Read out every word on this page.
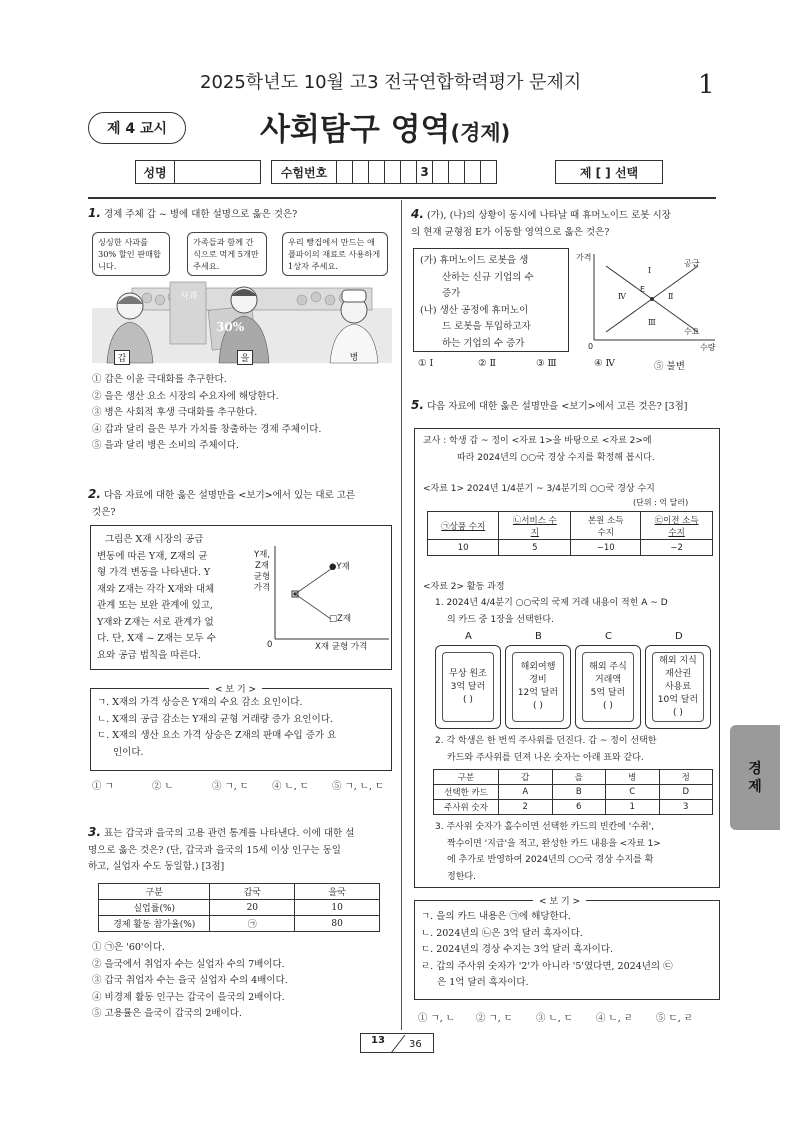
2025학년도 10월 고3 전국연합학력평가 문제지	1
제 4 교시	사회탐구 영역(경제)
성명		수험번호						3					제 [ ] 선택
1. 경제 주체 갑 ~ 병에 대한 설명으로 옳은 것은?
싱싱한 사과를 30% 할인 판매합니다.
가족들과 함께 간식으로 먹게 5개만 주세요.
우리 빵집에서 만드는 애플파이의 재료로 사용하게 1상자 주세요.
사과
30%
갑	을	병
① 갑은 이윤 극대화를 추구한다.
② 을은 생산 요소 시장의 수요자에 해당한다.
③ 병은 사회적 후생 극대화를 추구한다.
④ 갑과 달리 을은 부가 가치를 창출하는 경제 주체이다.
⑤ 을과 달리 병은 소비의 주체이다.
2. 다음 자료에 대한 옳은 설명만을 <보기>에서 있는 대로 고른
것은?
그림은 X재 시장의 공급
변동에 따른 Y재, Z재의 균
형 가격 변동을 나타낸다. Y
재와 Z재는 각각 X재와 대체
관계 또는 보완 관계에 있고,
Y재와 Z재는 서로 관계가 없
다. 단, X재 ~ Z재는 모두 수
요와 공급 법칙을 따른다.
Y재,
Z재
균형
가격
●Y재
□Z재
0	X재 균형 가격
< 보 기 >
ㄱ. X재의 가격 상승은 Y재의 수요 감소 요인이다.
ㄴ. X재의 공급 감소는 Y재의 균형 거래량 증가 요인이다.
ㄷ. X재의 생산 요소 가격 상승은 Z재의 판매 수입 증가 요
인이다.
① ㄱ	② ㄴ	③ ㄱ, ㄷ ④ ㄴ, ㄷ ⑤ ㄱ, ㄴ, ㄷ
3. 표는 갑국과 을국의 고용 관련 통계를 나타낸다. 이에 대한 설
명으로 옳은 것은? (단, 갑국과 을국의 15세 이상 인구는 동일
하고, 실업자 수도 동일함.) [3점]
구분	갑국	을국
실업률(%)	20	10
경제 활동 참가율(%)	㉠	80
① ㉠은 '60'이다.
② 을국에서 취업자 수는 실업자 수의 7배이다.
③ 갑국 취업자 수는 을국 실업자 수의 4배이다.
④ 비경제 활동 인구는 갑국이 을국의 2배이다.
⑤ 고용률은 을국이 갑국의 2배이다.
4. (가), (나)의 상황이 동시에 나타날 때 휴머노이드 로봇 시장
의 현재 균형점 E가 이동할 영역으로 옳은 것은?
(가) 휴머노이드 로봇을 생
산하는 신규 기업의 수
증가
(나) 생산 공정에 휴머노이
드 로봇을 투입하고자
하는 기업의 수 증가
가격
공급
수요
E
0	수량
Ⅰ
Ⅱ
Ⅲ
Ⅳ
① Ⅰ	② Ⅱ	③ Ⅲ	④ Ⅳ	⑤ 불변
5. 다음 자료에 대한 옳은 설명만을 <보기>에서 고른 것은? [3점]
교사 : 학생 갑 ~ 정이 <자료 1>을 바탕으로 <자료 2>에
따라 2024년의 ○○국 경상 수지를 확정해 봅시다.
<자료 1> 2024년 1/4분기 ~ 3/4분기의 ○○국 경상 수지
(단위 : 억 달러)
㉠상품 수지	㉡서비스 수지	본원 소득 수지	㉢이전 소득 수지

10	5	−10	−2
<자료 2> 활동 과정
1. 2024년 4/4분기 ○○국의 국제 거래 내용이 적힌 A ~ D
의 카드 중 1장을 선택한다.
A	B	C	D
무상 원조
3억 달러
( )
해외여행
경비
12억 달러
( )
해외 주식
거래액
5억 달러
( )
해외 지식
재산권
사용료
10억 달러
( )
2. 각 학생은 한 번씩 주사위를 던진다. 갑 ~ 정이 선택한
카드와 주사위를 던져 나온 숫자는 아래 표와 같다.
구분	갑	을	병	정
선택한 카드	A	B	C	D
주사위 숫자	2	6	1	3
3. 주사위 숫자가 홀수이면 선택한 카드의 빈칸에 '수취',
짝수이면 '지급'을 적고, 완성한 카드 내용을 <자료 1>
에 추가로 반영하여 2024년의 ○○국 경상 수지를 확
정한다.
< 보 기 >
ㄱ. 을의 카드 내용은 ㉠에 해당한다.
ㄴ. 2024년의 ㉡은 3억 달러 흑자이다.
ㄷ. 2024년의 경상 수지는 3억 달러 흑자이다.
ㄹ. 갑의 주사위 숫자가 '2'가 아니라 '5'였다면, 2024년의 ㉢
은 1억 달러 흑자이다.
① ㄱ, ㄴ ② ㄱ, ㄷ ③ ㄴ, ㄷ ④ ㄴ, ㄹ ⑤ ㄷ, ㄹ
경
제
13 36
